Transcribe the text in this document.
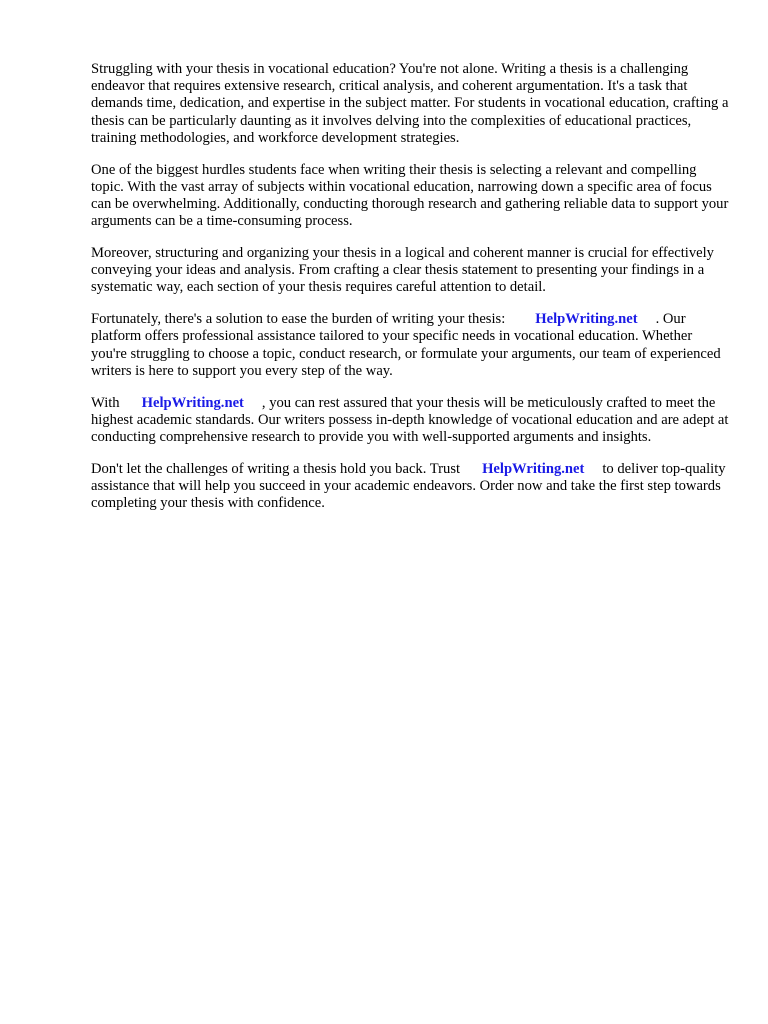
Struggling with your thesis in vocational education? You're not alone. Writing a thesis is a challenging endeavor that requires extensive research, critical analysis, and coherent argumentation. It's a task that demands time, dedication, and expertise in the subject matter. For students in vocational education, crafting a thesis can be particularly daunting as it involves delving into the complexities of educational practices, training methodologies, and workforce development strategies.

One of the biggest hurdles students face when writing their thesis is selecting a relevant and compelling topic. With the vast array of subjects within vocational education, narrowing down a specific area of focus can be overwhelming. Additionally, conducting thorough research and gathering reliable data to support your arguments can be a time-consuming process.

Moreover, structuring and organizing your thesis in a logical and coherent manner is crucial for effectively conveying your ideas and analysis. From crafting a clear thesis statement to presenting your findings in a systematic way, each section of your thesis requires careful attention to detail.

Fortunately, there's a solution to ease the burden of writing your thesis: HelpWriting.net . Our platform offers professional assistance tailored to your specific needs in vocational education. Whether you're struggling to choose a topic, conduct research, or formulate your arguments, our team of experienced writers is here to support you every step of the way.

With HelpWriting.net , you can rest assured that your thesis will be meticulously crafted to meet the highest academic standards. Our writers possess in-depth knowledge of vocational education and are adept at conducting comprehensive research to provide you with well-supported arguments and insights.

Don't let the challenges of writing a thesis hold you back. Trust HelpWriting.net to deliver top-quality assistance that will help you succeed in your academic endeavors. Order now and take the first step towards completing your thesis with confidence.
